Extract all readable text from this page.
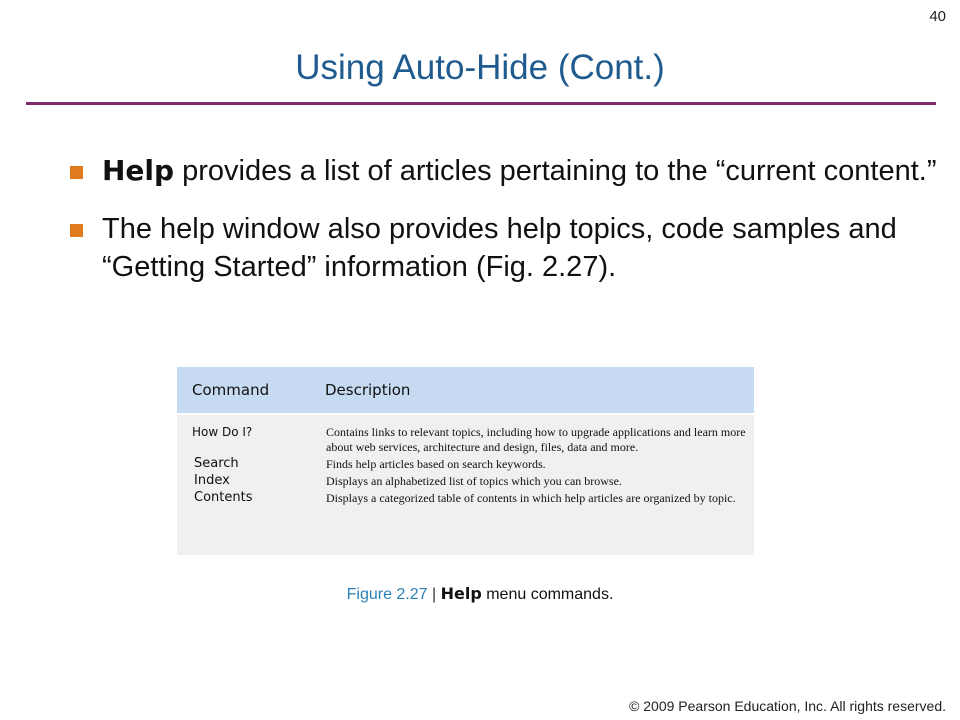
40
Using Auto-Hide (Cont.)
Help provides a list of articles pertaining to the “current content.”
The help window also provides help topics, code samples and “Getting Started” information (Fig. 2.27).
Command	Description
How Do I?	Contains links to relevant topics, including how to upgrade applications and learn more about web services, architecture and design, files, data and more.
Search	Finds help articles based on search keywords.
Index	Displays an alphabetized list of topics which you can browse.
Contents	Displays a categorized table of contents in which help articles are organized by topic.
Figure 2.27 | Help menu commands.
© 2009 Pearson Education, Inc. All rights reserved.
